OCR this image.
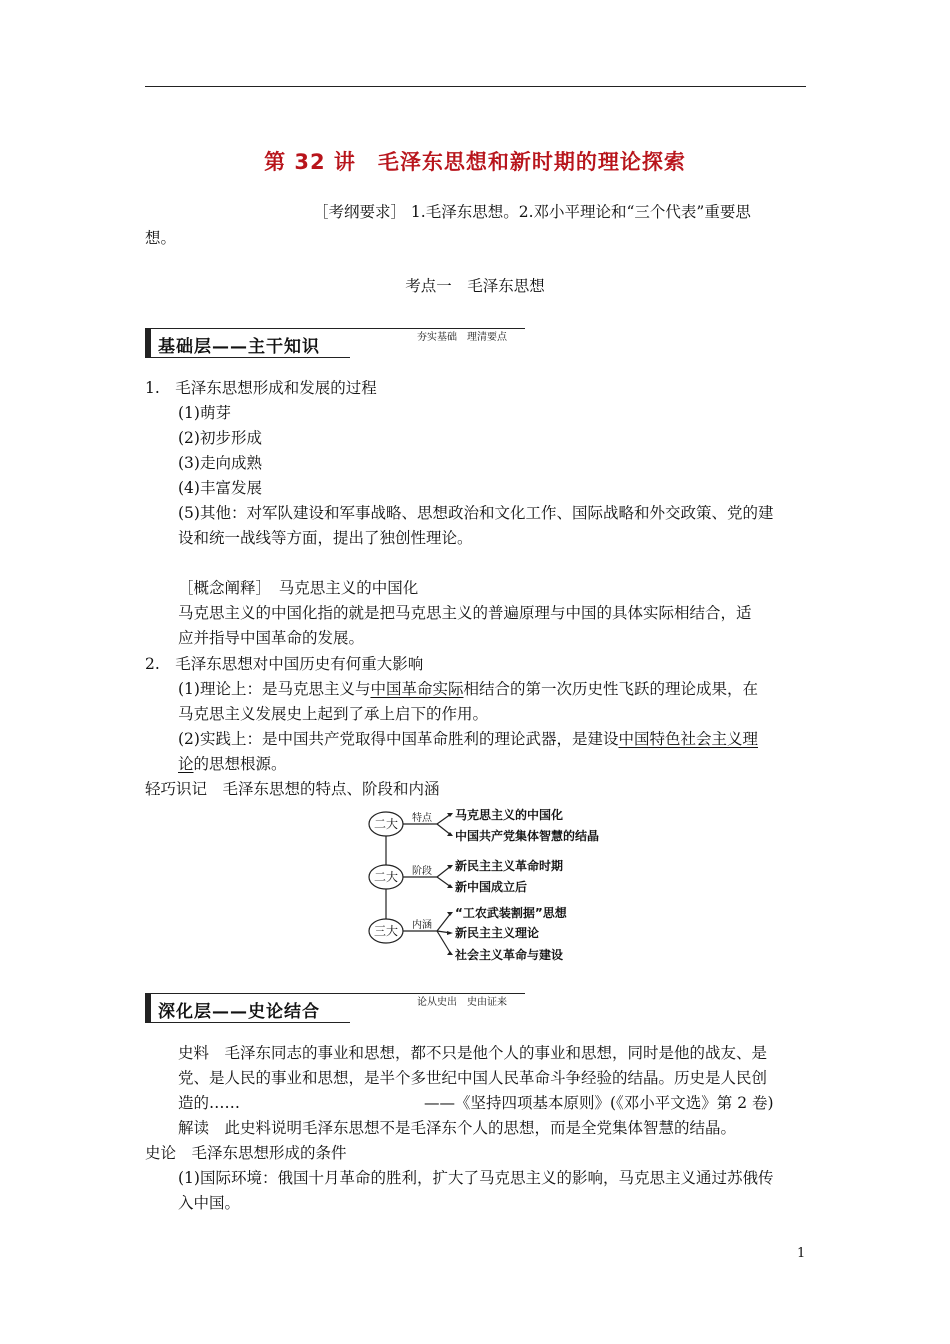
第 32 讲　毛泽东思想和新时期的理论探索
［考纲要求］ 1.毛泽东思想。2.邓小平理论和“三个代表”重要思
想。
考点一　毛泽东思想
基础层——主干知识	夯实基础　理清要点
1.　毛泽东思想形成和发展的过程
(1)萌芽
(2)初步形成
(3)走向成熟
(4)丰富发展
(5)其他：对军队建设和军事战略、思想政治和文化工作、国际战略和外交政策、党的建
设和统一战线等方面，提出了独创性理论。
［概念阐释］　马克思主义的中国化
马克思主义的中国化指的就是把马克思主义的普遍原理与中国的具体实际相结合，适
应并指导中国革命的发展。
2.　毛泽东思想对中国历史有何重大影响
(1)理论上：是马克思主义与中国革命实际相结合的第一次历史性飞跃的理论成果，在
马克思主义发展史上起到了承上启下的作用。
(2)实践上：是中国共产党取得中国革命胜利的理论武器，是建设中国特色社会主义理
论的思想根源。
轻巧识记　毛泽东思想的特点、阶段和内涵
二大
二大
三大
特点
阶段
内涵
马克思主义的中国化
中国共产党集体智慧的结晶
新民主主义革命时期
新中国成立后
“工农武装割据”思想
新民主主义理论
社会主义革命与建设
深化层——史论结合	论从史出　史由证来
史料　毛泽东同志的事业和思想，都不只是他个人的事业和思想，同时是他的战友、是
党、是人民的事业和思想，是半个多世纪中国人民革命斗争经验的结晶。历史是人民创
造的……	——《坚持四项基本原则》(《邓小平文选》第 2 卷)
解读　此史料说明毛泽东思想不是毛泽东个人的思想，而是全党集体智慧的结晶。
史论　毛泽东思想形成的条件
(1)国际环境：俄国十月革命的胜利，扩大了马克思主义的影响，马克思主义通过苏俄传
入中国。
1
